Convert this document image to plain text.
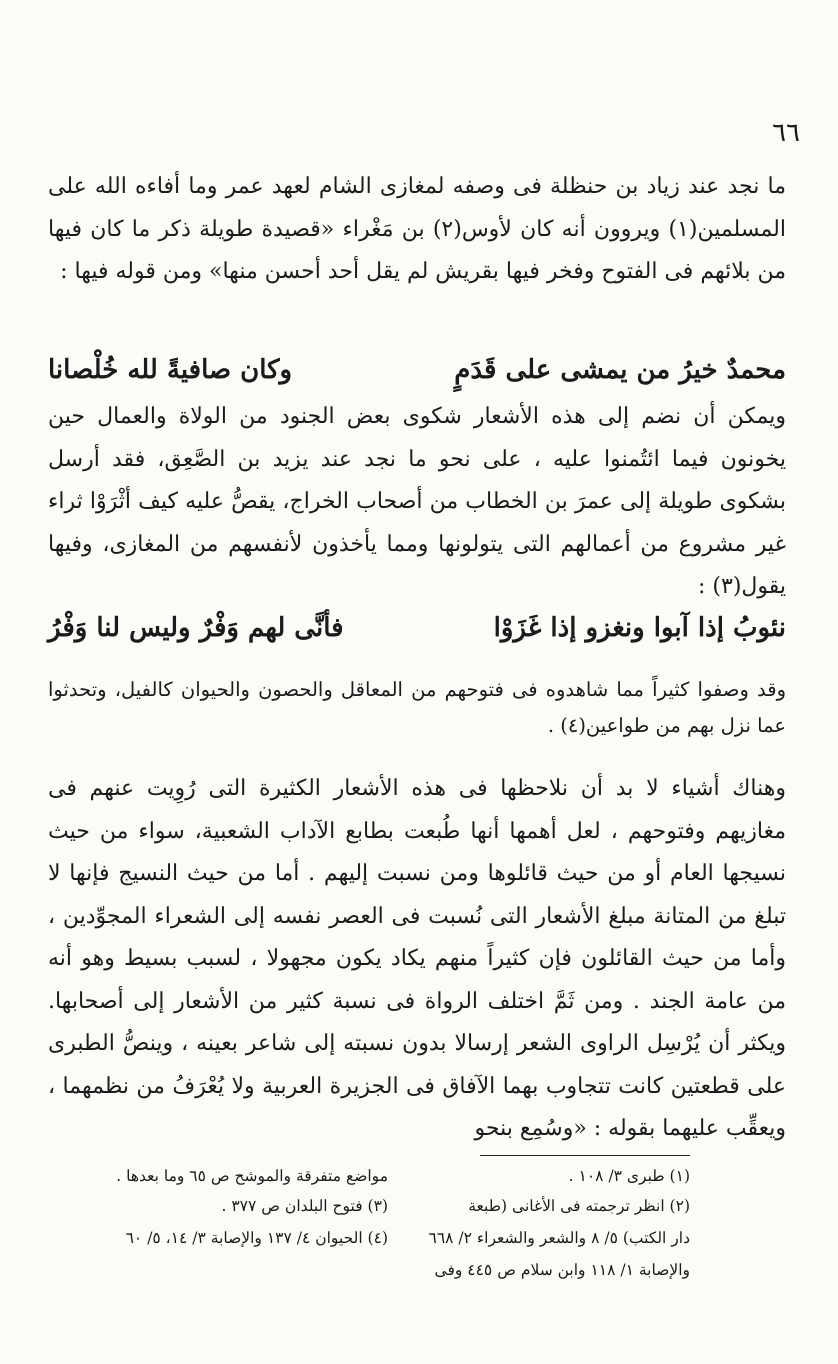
٦٦

ما نجد عند زياد بن حنظلة فى وصفه لمغازى الشام لعهد عمر وما أفاءه الله على المسلمين(١) ويروون أنه كان لأوس(٢) بن مَغْراء «قصيدة طويلة ذكر ما كان فيها من بلائهم فى الفتوح وفخر فيها بقريش لم يقل أحد أحسن منها» ومن قوله فيها :

محمدٌ خيرُ من يمشى على قَدَمٍ
وكان صافيةً لله خُلْصانا

ويمكن أن نضم إلى هذه الأشعار شكوى بعض الجنود من الولاة والعمال حين يخونون فيما ائتُمنوا عليه ، على نحو ما نجد عند يزيد بن الصَّعِق، فقد أرسل بشكوى طويلة إلى عمرَ بن الخطاب من أصحاب الخراج، يقصُّ عليه كيف أثْرَوْا ثراء غير مشروع من أعمالهم التى يتولونها ومما يأخذون لأنفسهم من المغازى، وفيها يقول(٣) :

نئوبُ إذا آبوا ونغزو إذا غَزَوْا
فأنَّى لهم وَفْرٌ وليس لنا وَفْرُ

وقد وصفوا كثيراً مما شاهدوه فى فتوحهم من المعاقل والحصون والحيوان كالفيل، وتحدثوا عما نزل بهم من طواعين(٤) .

وهناك أشياء لا بد أن نلاحظها فى هذه الأشعار الكثيرة التى رُوِيت عنهم فى مغازيهم وفتوحهم ، لعل أهمها أنها طُبعت بطابع الآداب الشعبية، سواء من حيث نسيجها العام أو من حيث قائلوها ومن نسبت إليهم . أما من حيث النسيج فإنها لا تبلغ من المتانة مبلغ الأشعار التى نُسبت فى العصر نفسه إلى الشعراء المجوِّدين ، وأما من حيث القائلون فإن كثيراً منهم يكاد يكون مجهولا ، لسبب بسيط وهو أنه من عامة الجند . ومن ثَمَّ اختلف الرواة فى نسبة كثير من الأشعار إلى أصحابها. ويكثر أن يُرْسِل الراوى الشعر إرسالا بدون نسبته إلى شاعر بعينه ، وينصُّ الطبرى على قطعتين كانت تتجاوب بهما الآفاق فى الجزيرة العربية ولا يُعْرَفُ من نظمهما ، ويعقِّب عليهما بقوله : «وسُمِع بنحو

(١) طبرى ٣/ ١٠٨ .
مواضع متفرقة والموشح ص ٦٥ وما بعدها .
(٢) انظر ترجمته فى الأغانى (طبعة
(٣) فتوح البلدان ص ٣٧٧ .
دار الكتب) ٥/ ٨ والشعر والشعراء ٢/ ٦٦٨
(٤) الحيوان ٤/ ١٣٧ والإصابة ٣/ ١٤، ٥/ ٦٠
والإصابة ١/ ١١٨ وابن سلام ص ٤٤٥ وفى
